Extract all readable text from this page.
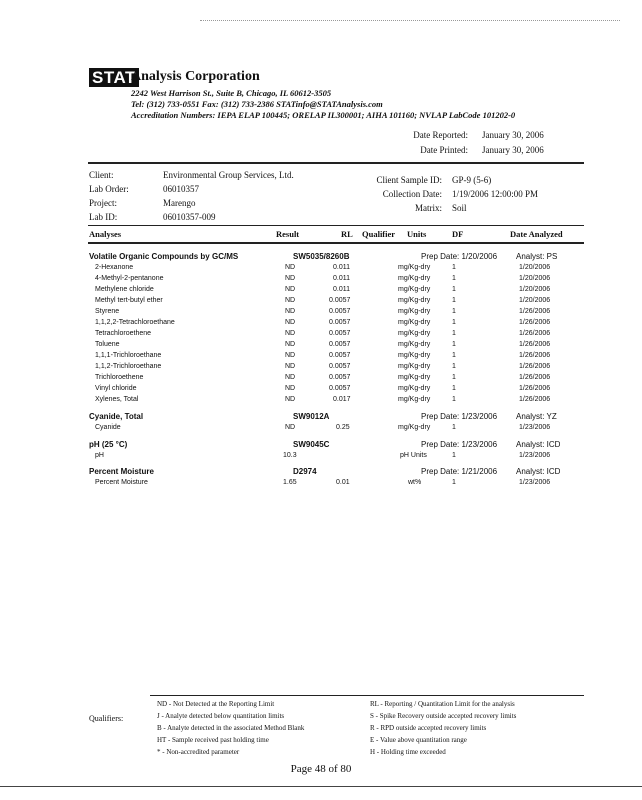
STAT
Analysis Corporation
2242 West Harrison St., Suite B, Chicago, IL 60612-3505
Tel: (312) 733-0551 Fax: (312) 733-2386 STATinfo@STATAnalysis.com
Accreditation Numbers: IEPA ELAP 100445; ORELAP IL300001; AIHA 101160; NVLAP LabCode 101202-0
Date Reported: January 30, 2006
Date Printed: January 30, 2006
Client:	Environmental Group Services, Ltd.
Lab Order:	06010357
Project:	Marengo
Lab ID:	06010357-009
Client Sample ID: GP-9 (5-6)
Collection Date: 1/19/2006 12:00:00 PM
Matrix: Soil
Analyses	Result	RL Qualifier Units	DF	Date Analyzed
Volatile Organic Compounds by GC/MS	SW5035/8260B	Prep Date: 1/20/2006 Analyst: PS
2-Hexanone	ND	0.011	mg/Kg-dry	1	1/20/2006
4-Methyl-2-pentanone	ND	0.011	mg/Kg-dry	1	1/20/2006
Methylene chloride	ND	0.011	mg/Kg-dry	1	1/20/2006
Methyl tert-butyl ether	ND	0.0057	mg/Kg-dry	1	1/20/2006
Styrene	ND	0.0057	mg/Kg-dry	1	1/26/2006
1,1,2,2-Tetrachloroethane	ND	0.0057	mg/Kg-dry	1	1/26/2006
Tetrachloroethene	ND	0.0057	mg/Kg-dry	1	1/26/2006
Toluene	ND	0.0057	mg/Kg-dry	1	1/26/2006
1,1,1-Trichloroethane	ND	0.0057	mg/Kg-dry	1	1/26/2006
1,1,2-Trichloroethane	ND	0.0057	mg/Kg-dry	1	1/26/2006
Trichloroethene	ND	0.0057	mg/Kg-dry	1	1/26/2006
Vinyl chloride	ND	0.0057	mg/Kg-dry	1	1/26/2006
Xylenes, Total	ND	0.017	mg/Kg-dry	1	1/26/2006
Cyanide, Total	SW9012A	Prep Date: 1/23/2006 Analyst: YZ
Cyanide	ND	0.25	mg/Kg-dry	1	1/23/2006
pH (25 °C)	SW9045C	Prep Date: 1/23/2006 Analyst: ICD
pH	10.3	pH Units	1	1/23/2006
Percent Moisture	D2974	Prep Date: 1/21/2006 Analyst: ICD
Percent Moisture	1.65	0.01	wt%	1	1/23/2006
Qualifiers:
ND - Not Detected at the Reporting Limit
J - Analyte detected below quantitation limits
B - Analyte detected in the associated Method Blank
HT - Sample received past holding time
* - Non-accredited parameter
RL - Reporting / Quantitation Limit for the analysis
S - Spike Recovery outside accepted recovery limits
R - RPD outside accepted recovery limits
E - Value above quantitation range
H - Holding time exceeded
Page 48 of 80
